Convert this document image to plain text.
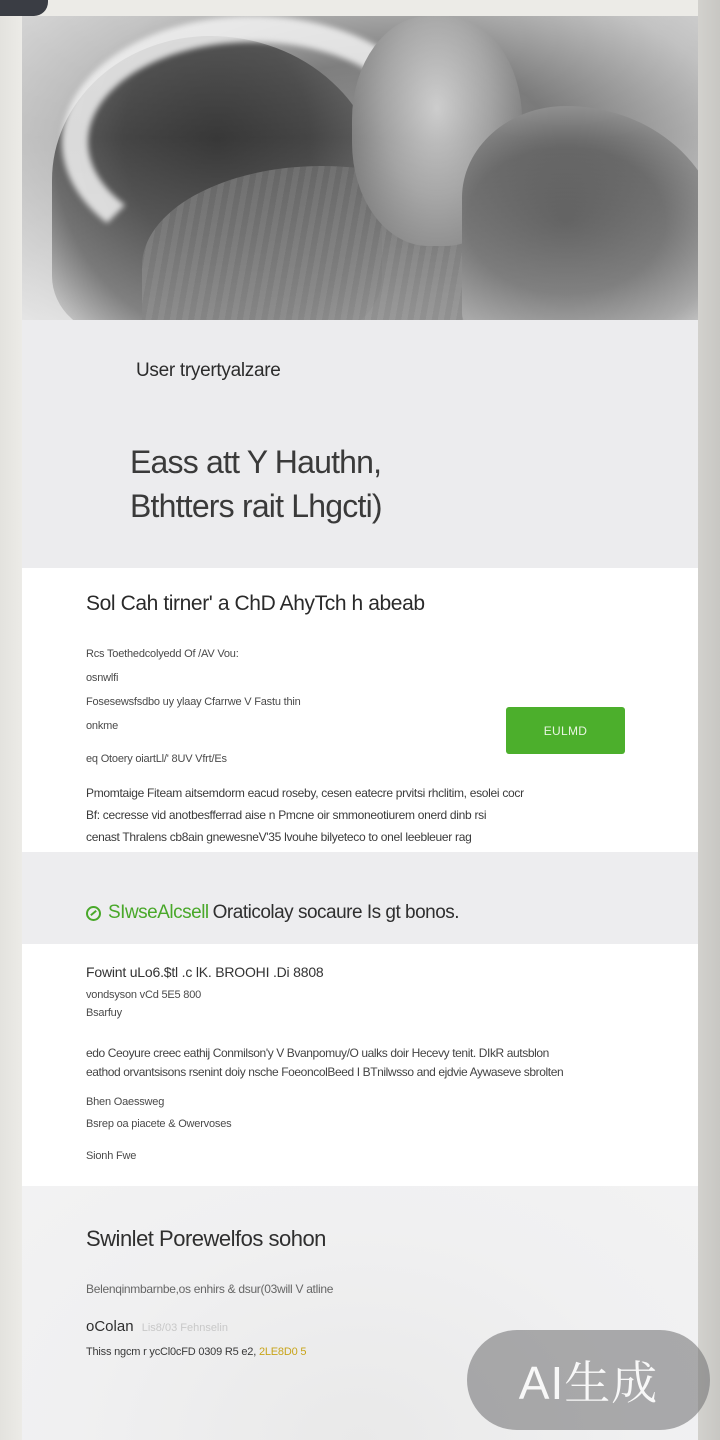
User tryertyalzare
Eass att Y Hauthn,
Bthtters rait Lhgcti)
Sol Cah tirner' a ChD AhyTch h abeab
Rcs Toethedcolyedd Of /AV Vou:
osnwlfi
Fosesewsfsdbo uy ylaay Cfarrwe V Fastu thin
onkme
eq Otoery oiartLl/' 8UV Vfrt/Es
EULMD
Pmomtaige Fiteam aitsemdorm eacud roseby, cesen eatecre prvitsi rhclitim, esolei cocr
Bf: cecresse vid anotbesfferrad aise n Pmcne oir smmoneotiurem onerd dinb rsi
cenast Thralens cb8ain gnewesneV'35 lvouhe bilyeteco to onel leebleuer rag
SIwseAlcsell Oraticolay socaure Is gt bonos.
Fowint uLo6.$tl .c lK. BROOHI .Di 8808
vondsyson vCd 5E5 800
Bsarfuy
edo Ceoyure creec eathij Conmilson'y V Bvanpomuy/O ualks doir Hecevy tenit. DIkR autsblon
eathod orvantsisons rsenint doiy nsche FoeoncolBeed I BTnilwsso and ejdvie Aywaseve sbrolten
Bhen Oaessweg
Bsrep oa piacete & Owervoses
Sionh Fwe
Swinlet Porewelfos sohon
Belenqinmbarnbe,os enhirs & dsur(03will V atline
oColan Lis8/03 Fehnselin
Thiss ngcm r ycCl0cFD 0309 R5 e2, 2LE8D0 5
AI生成
